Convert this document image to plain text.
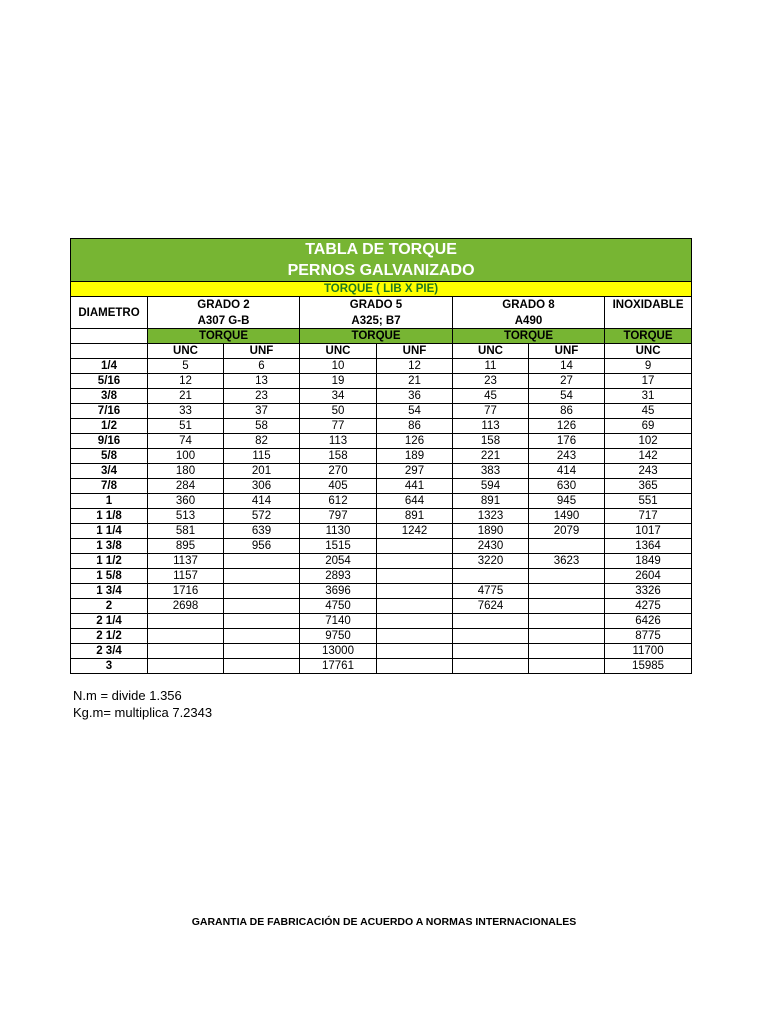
TABLA DE TORQUE
PERNOS GALVANIZADO							

TORQUE ( LIB X PIE)							
DIAMETRO	GRADO 2		GRADO 5		GRADO 8		INOXIDABLE
	A307 G-B		A325; B7		A490		
	TORQUE		TORQUE		TORQUE		TORQUE
	UNC	UNF	UNC	UNF	UNC	UNF	UNC
1/4	5	6	10	12	11	14	9
5/16	12	13	19	21	23	27	17
3/8	21	23	34	36	45	54	31
7/16	33	37	50	54	77	86	45
1/2	51	58	77	86	113	126	69
9/16	74	82	113	126	158	176	102
5/8	100	115	158	189	221	243	142
3/4	180	201	270	297	383	414	243
7/8	284	306	405	441	594	630	365
1	360	414	612	644	891	945	551
1 1/8	513	572	797	891	1323	1490	717
1 1/4	581	639	1130	1242	1890	2079	1017
1 3/8	895	956	1515		2430		1364
1 1/2	1137		2054		3220	3623	1849
1 5/8	1157		2893				2604
1 3/4	1716		3696		4775		3326
2	2698		4750		7624		4275
2 1/4			7140				6426
2 1/2			9750				8775
2 3/4			13000				11700
3			17761				15985
N.m = divide 1.356
Kg.m= multiplica 7.2343
GARANTIA DE FABRICACIÓN DE ACUERDO A NORMAS INTERNACIONALES
